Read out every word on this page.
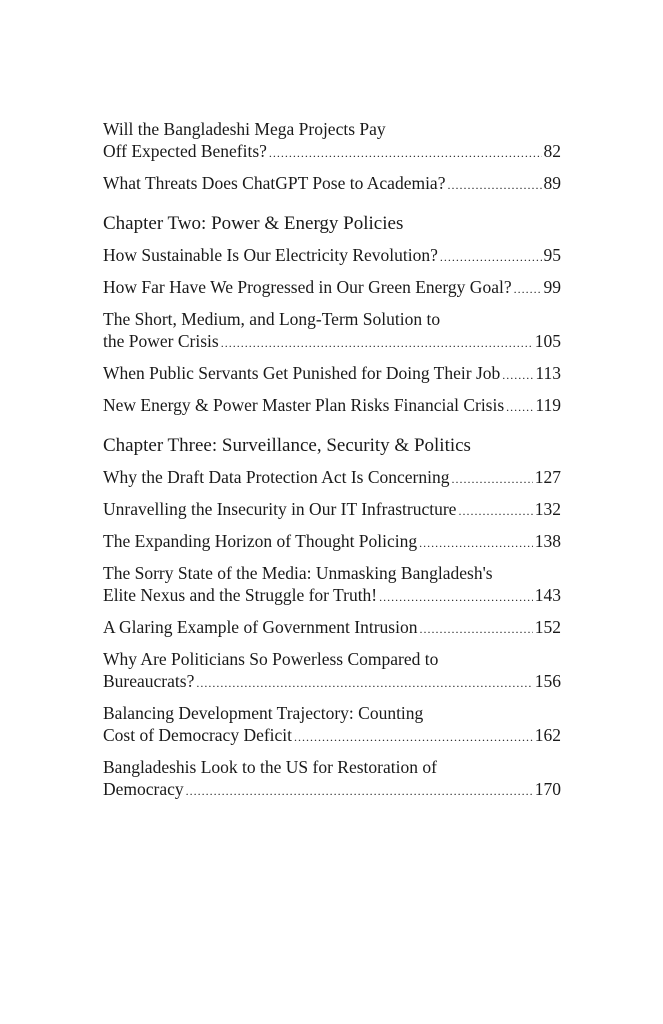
Will the Bangladeshi Mega Projects Pay
Off Expected Benefits? .....	82
What Threats Does ChatGPT Pose to Academia? .....	89
Chapter Two: Power & Energy Policies
How Sustainable Is Our Electricity Revolution? .....	95
How Far Have We Progressed in Our Green Energy Goal? ..... 99
The Short, Medium, and Long-Term Solution to
the Power Crisis .....	105
When Public Servants Get Punished for Doing Their Job ..... 113
New Energy & Power Master Plan Risks Financial Crisis ..... 119
Chapter Three: Surveillance, Security & Politics
Why the Draft Data Protection Act Is Concerning .....	127
Unravelling the Insecurity in Our IT Infrastructure .....	132
The Expanding Horizon of Thought Policing .....	138
The Sorry State of the Media: Unmasking Bangladesh's
Elite Nexus and the Struggle for Truth! .....	143
A Glaring Example of Government Intrusion .....	152
Why Are Politicians So Powerless Compared to
Bureaucrats? .....	156
Balancing Development Trajectory: Counting
Cost of Democracy Deficit .....	162
Bangladeshis Look to the US for Restoration of
Democracy .....	170
